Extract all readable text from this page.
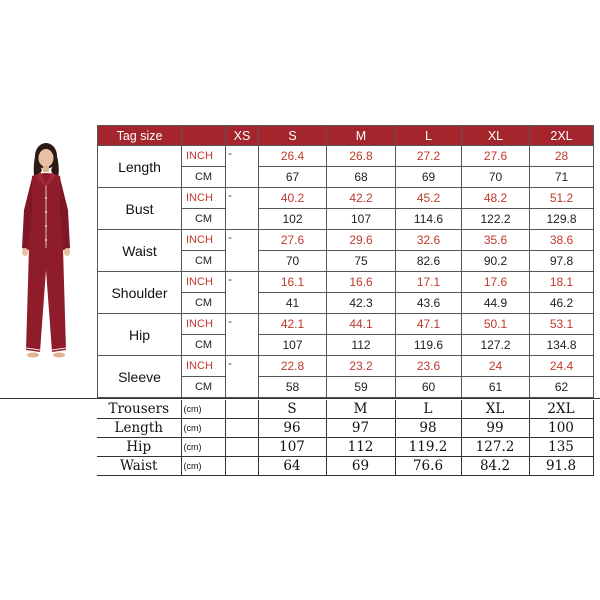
Tag size		XS	S	M	L	XL	2XL
Length	INCH	-	26.4	26.8	27.2	27.6	28
	CM		67	68	69	70	71
Bust	INCH	-	40.2	42.2	45.2	48.2	51.2
	CM		102	107	114.6	122.2	129.8
Waist	INCH	-	27.6	29.6	32.6	35.6	38.6
	CM		70	75	82.6	90.2	97.8
Shoulder	INCH	-	16.1	16.6	17.1	17.6	18.1
	CM		41	42.3	43.6	44.9	46.2
Hip	INCH	-	42.1	44.1	47.1	50.1	53.1
	CM		107	112	119.6	127.2	134.8
Sleeve	INCH	-	22.8	23.2	23.6	24	24.4
	CM		58	59	60	61	62
Trousers	(cm)		S	M	L	XL	2XL
Length	(cm)		96	97	98	99	100
Hip	(cm)		107	112	119.2	127.2	135
Waist	(cm)		64	69	76.6	84.2	91.8
